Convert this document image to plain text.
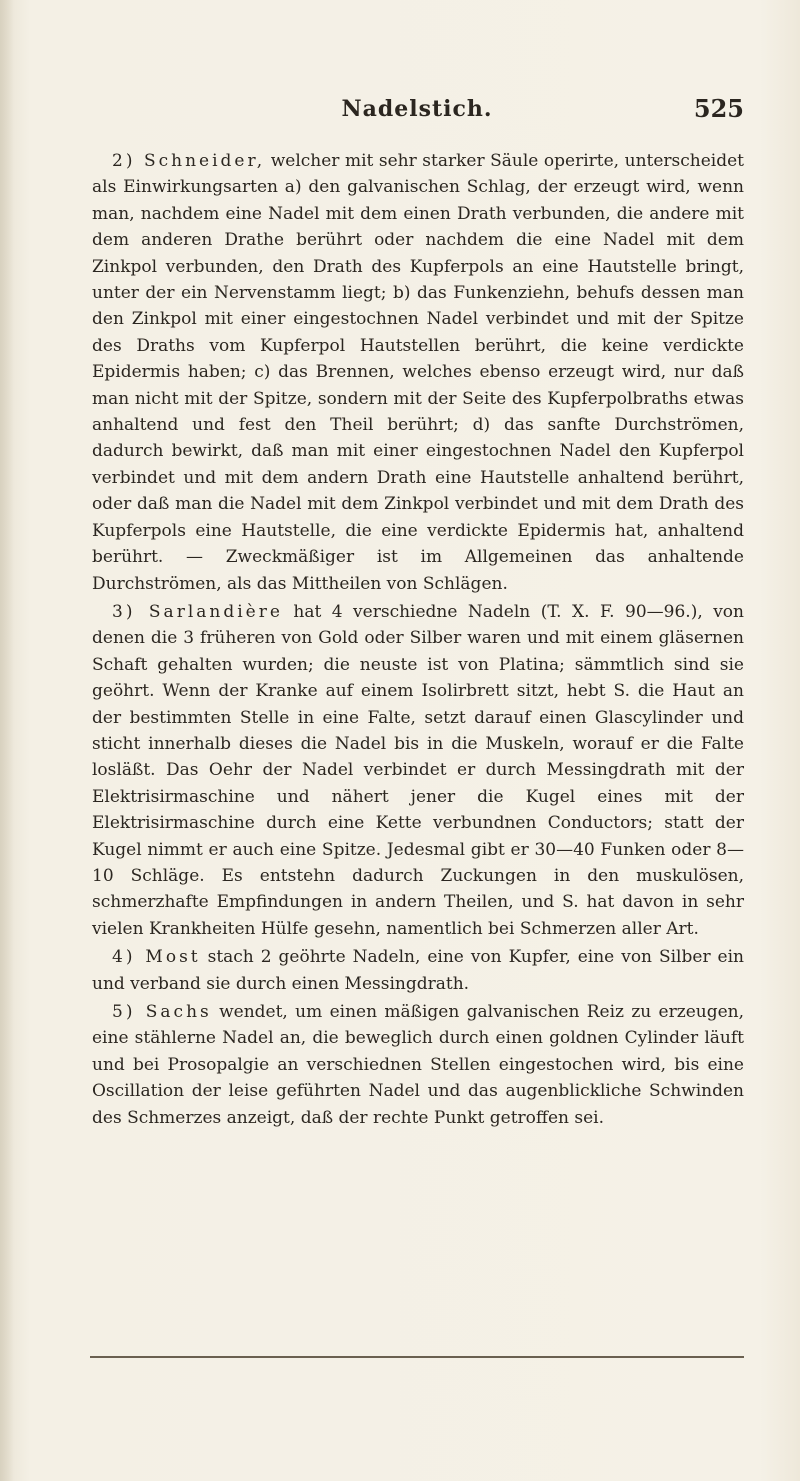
Nadelstich.	525

2) Schneider, welcher mit sehr starker Säule operirte, unterscheidet als Einwirkungsarten a) den galvanischen Schlag, der erzeugt wird, wenn man, nachdem eine Nadel mit dem einen Drath verbunden, die andere mit dem anderen Drathe berührt oder nachdem die eine Nadel mit dem Zinkpol verbunden, den Drath des Kupferpols an eine Hautstelle bringt, unter der ein Nervenstamm liegt; b) das Funkenziehn, behufs dessen man den Zinkpol mit einer eingestochnen Nadel verbindet und mit der Spitze des Draths vom Kupferpol Hautstellen berührt, die keine verdickte Epidermis haben; c) das Brennen, welches ebenso erzeugt wird, nur daß man nicht mit der Spitze, sondern mit der Seite des Kupferpolbraths etwas anhaltend und fest den Theil berührt; d) das sanfte Durchströmen, dadurch bewirkt, daß man mit einer eingestochnen Nadel den Kupferpol verbindet und mit dem andern Drath eine Hautstelle anhaltend berührt, oder daß man die Nadel mit dem Zinkpol verbindet und mit dem Drath des Kupferpols eine Hautstelle, die eine verdickte Epidermis hat, anhaltend berührt. — Zweckmäßiger ist im Allgemeinen das anhaltende Durchströmen, als das Mittheilen von Schlägen.

3) Sarlandière hat 4 verschiedne Nadeln (T. X. F. 90—96.), von denen die 3 früheren von Gold oder Silber waren und mit einem gläsernen Schaft gehalten wurden; die neuste ist von Platina; sämmtlich sind sie geöhrt. Wenn der Kranke auf einem Isolirbrett sitzt, hebt S. die Haut an der bestimmten Stelle in eine Falte, setzt darauf einen Glascylinder und sticht innerhalb dieses die Nadel bis in die Muskeln, worauf er die Falte losläßt. Das Oehr der Nadel verbindet er durch Messingdrath mit der Elektrisirmaschine und nähert jener die Kugel eines mit der Elektrisirmaschine durch eine Kette verbundnen Conductors; statt der Kugel nimmt er auch eine Spitze. Jedesmal gibt er 30—40 Funken oder 8—10 Schläge. Es entstehn dadurch Zuckungen in den muskulösen, schmerzhafte Empfindungen in andern Theilen, und S. hat davon in sehr vielen Krankheiten Hülfe gesehn, namentlich bei Schmerzen aller Art.

4) Most stach 2 geöhrte Nadeln, eine von Kupfer, eine von Silber ein und verband sie durch einen Messingdrath.

5) Sachs wendet, um einen mäßigen galvanischen Reiz zu erzeugen, eine stählerne Nadel an, die beweglich durch einen goldnen Cylinder läuft und bei Prosopalgie an verschiednen Stellen eingestochen wird, bis eine Oscillation der leise geführten Nadel und das augenblickliche Schwinden des Schmerzes anzeigt, daß der rechte Punkt getroffen sei.
